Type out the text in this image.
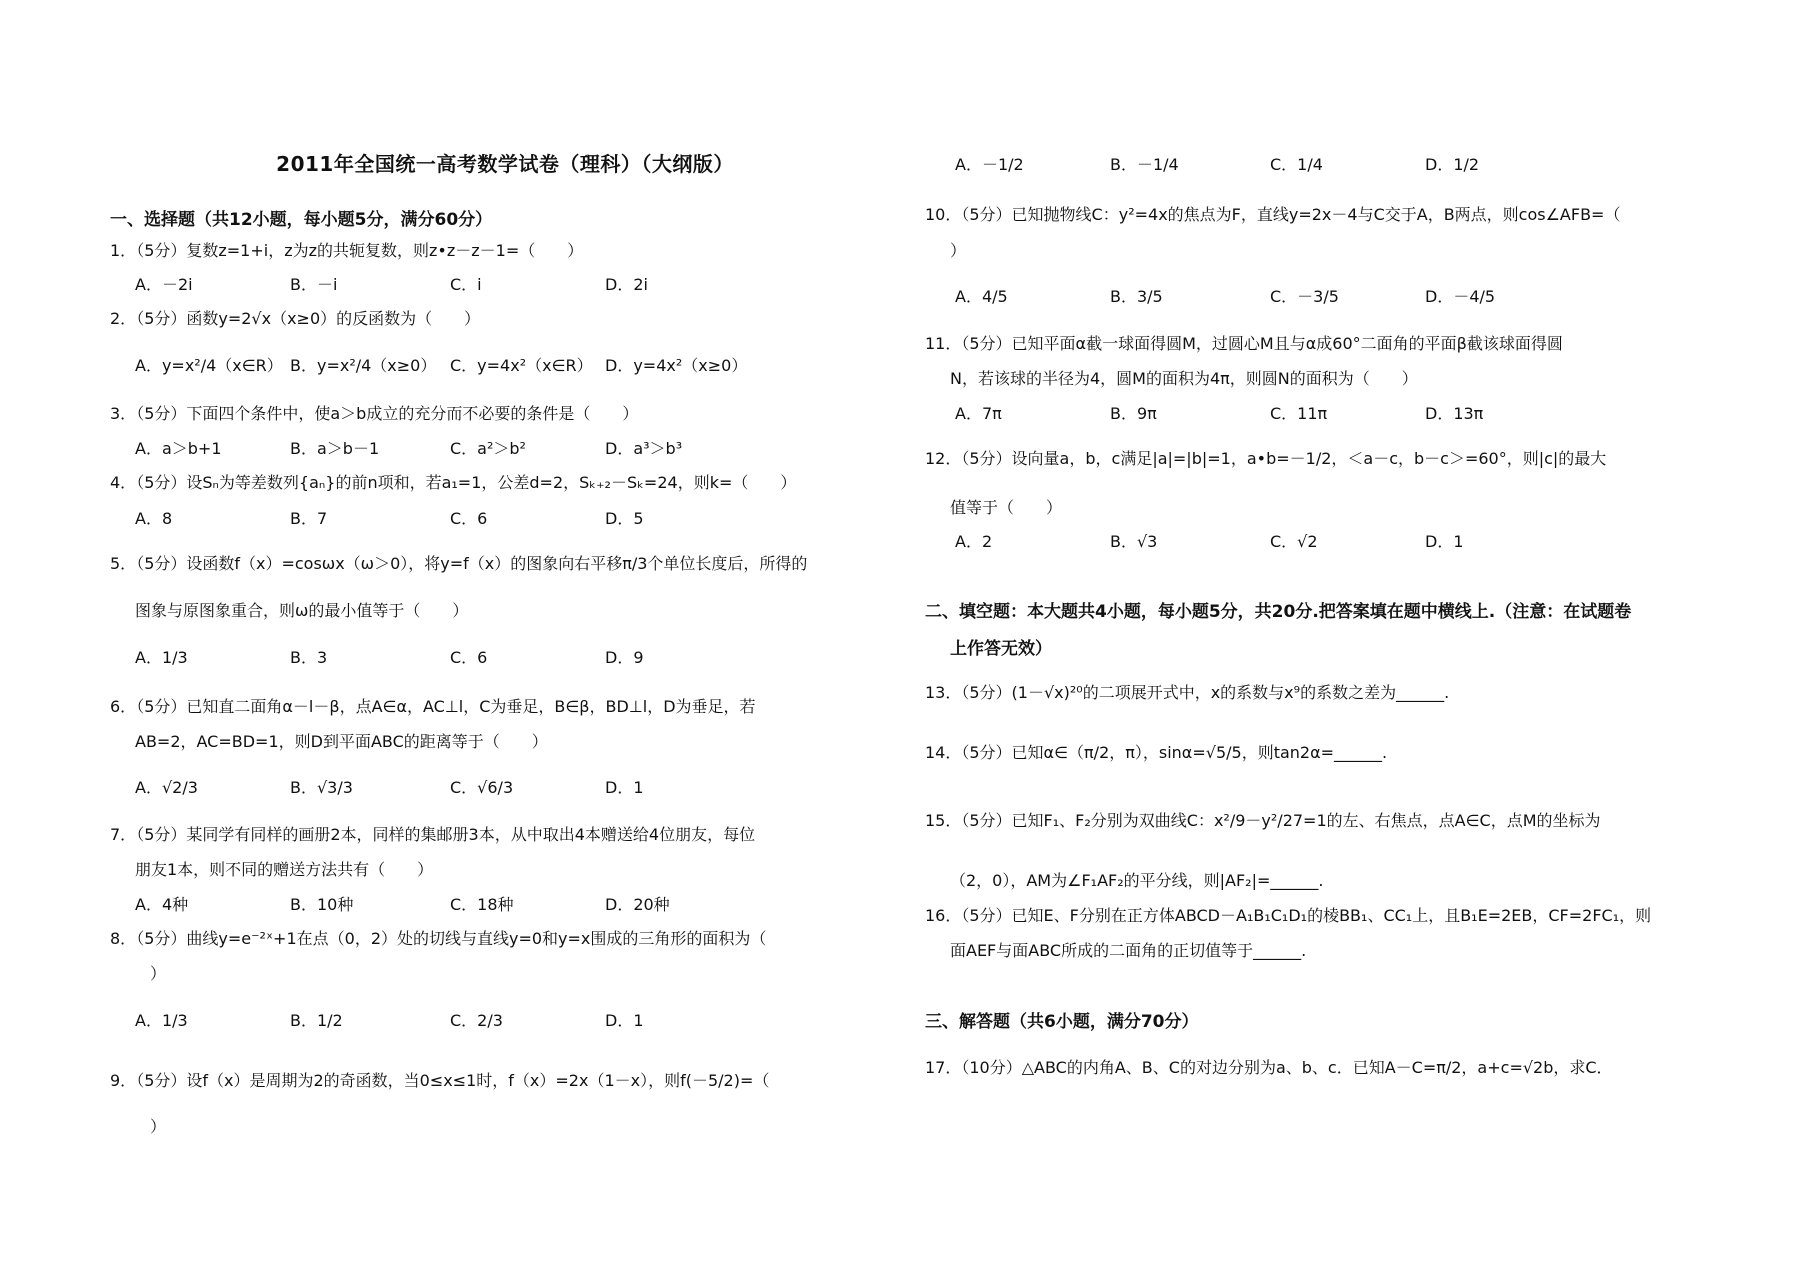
2011年全国统一高考数学试卷（理科）（大纲版）
一、选择题（共12小题，每小题5分，满分60分）
1．（5分）复数z=1+i，z为z的共轭复数，则z•z－z－1=（　　）
A．－2i	B．－i	C．i	D．2i
2．（5分）函数y=2√x（x≥0）的反函数为（　　）
A．y=x²/4（x∈R） B．y=x²/4（x≥0） C．y=4x²（x∈R） D．y=4x²（x≥0）
3．（5分）下面四个条件中，使a＞b成立的充分而不必要的条件是（　　）
A．a＞b+1	B．a＞b－1	C．a²＞b²	D．a³＞b³
4．（5分）设Sₙ为等差数列{aₙ}的前n项和，若a₁=1，公差d=2，Sₖ₊₂－Sₖ=24，则k=（　　）
A．8	B．7	C．6	D．5
5．（5分）设函数f（x）=cosωx（ω＞0），将y=f（x）的图象向右平移π/3个单位长度后，所得的
图象与原图象重合，则ω的最小值等于（　　）
A．1/3	B．3	C．6	D．9
6．（5分）已知直二面角α－l－β，点A∈α，AC⊥l，C为垂足，B∈β，BD⊥l，D为垂足，若
AB=2，AC=BD=1，则D到平面ABC的距离等于（　　）
A．√2/3	B．√3/3	C．√6/3	D．1
7．（5分）某同学有同样的画册2本，同样的集邮册3本，从中取出4本赠送给4位朋友，每位
朋友1本，则不同的赠送方法共有（　　）
A．4种	B．10种	C．18种	D．20种
8．（5分）曲线y=e⁻²ˣ+1在点（0，2）处的切线与直线y=0和y=x围成的三角形的面积为（
）
A．1/3	B．1/2	C．2/3	D．1
9．（5分）设f（x）是周期为2的奇函数，当0≤x≤1时，f（x）=2x（1－x），则f(－5/2)=（
）
A．－1/2	B．－1/4	C．1/4	D．1/2
10．（5分）已知抛物线C：y²=4x的焦点为F，直线y=2x－4与C交于A，B两点，则cos∠AFB=（
）
A．4/5	B．3/5	C．－3/5	D．－4/5
11．（5分）已知平面α截一球面得圆M，过圆心M且与α成60°二面角的平面β截该球面得圆
N，若该球的半径为4，圆M的面积为4π，则圆N的面积为（　　）
A．7π	B．9π	C．11π	D．13π
12．（5分）设向量a，b，c满足|a|=|b|=1，a•b=－1/2，＜a－c，b－c＞=60°，则|c|的最大
值等于（　　）
A．2	B．√3	C．√2	D．1
二、填空题：本大题共4小题，每小题5分，共20分.把答案填在题中横线上.（注意：在试题卷
上作答无效）
13．（5分）(1－√x)²⁰的二项展开式中，x的系数与x⁹的系数之差为______.
14．（5分）已知α∈（π/2，π），sinα=√5/5，则tan2α=______.
15．（5分）已知F₁、F₂分别为双曲线C：x²/9－y²/27=1的左、右焦点，点A∈C，点M的坐标为
（2，0），AM为∠F₁AF₂的平分线，则|AF₂|=______.
16．（5分）已知E、F分别在正方体ABCD－A₁B₁C₁D₁的棱BB₁、CC₁上，且B₁E=2EB，CF=2FC₁，则
面AEF与面ABC所成的二面角的正切值等于______.
三、解答题（共6小题，满分70分）
17．（10分）△ABC的内角A、B、C的对边分别为a、b、c．已知A－C=π/2，a+c=√2b，求C．
